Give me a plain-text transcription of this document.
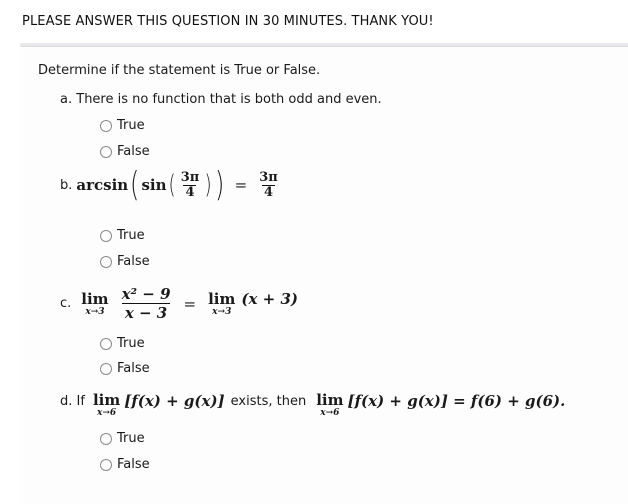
PLEASE ANSWER THIS QUESTION IN 30 MINUTES. THANK YOU!
Determine if the statement is True or False.
a. There is no function that is both odd and even.
True
False
b. arcsin ( sin ( $\frac{3\pi}{4}$ ) ) = $\frac{3\pi}{4}$
True
False
c. lim
$x\to 3 \frac{\text{x² − 9}}{x - 3} = \lim$
x→3
(x + 3)
True
False
d. If lim
x→6
[f(x) + g(x)] exists, then lim
x→6
[f(x) + g(x)] = f(6) + g(6).
True
False
